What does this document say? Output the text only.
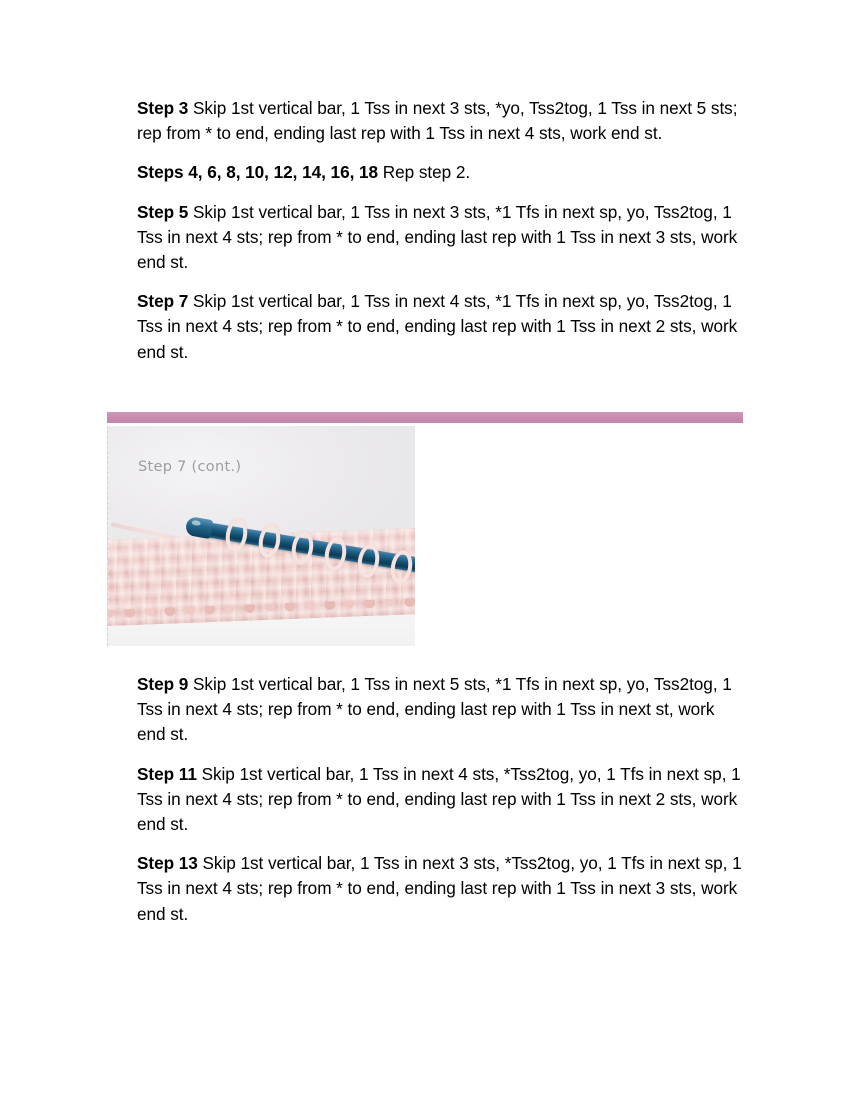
Step 3 Skip 1st vertical bar, 1 Tss in next 3 sts, *yo, Tss2tog, 1 Tss in next 5 sts; rep from * to end, ending last rep with 1 Tss in next 4 sts, work end st.

Steps 4, 6, 8, 10, 12, 14, 16, 18 Rep step 2.

Step 5 Skip 1st vertical bar, 1 Tss in next 3 sts, *1 Tfs in next sp, yo, Tss2tog, 1 Tss in next 4 sts; rep from * to end, ending last rep with 1 Tss in next 3 sts, work end st.

Step 7 Skip 1st vertical bar, 1 Tss in next 4 sts, *1 Tfs in next sp, yo, Tss2tog, 1 Tss in next 4 sts; rep from * to end, ending last rep with 1 Tss in next 2 sts, work end st.

Step 7 (cont.)

Step 9 Skip 1st vertical bar, 1 Tss in next 5 sts, *1 Tfs in next sp, yo, Tss2tog, 1 Tss in next 4 sts; rep from * to end, ending last rep with 1 Tss in next st, work end st.

Step 11 Skip 1st vertical bar, 1 Tss in next 4 sts, *Tss2tog, yo, 1 Tfs in next sp, 1 Tss in next 4 sts; rep from * to end, ending last rep with 1 Tss in next 2 sts, work end st.

Step 13 Skip 1st vertical bar, 1 Tss in next 3 sts, *Tss2tog, yo, 1 Tfs in next sp, 1 Tss in next 4 sts; rep from * to end, ending last rep with 1 Tss in next 3 sts, work end st.
